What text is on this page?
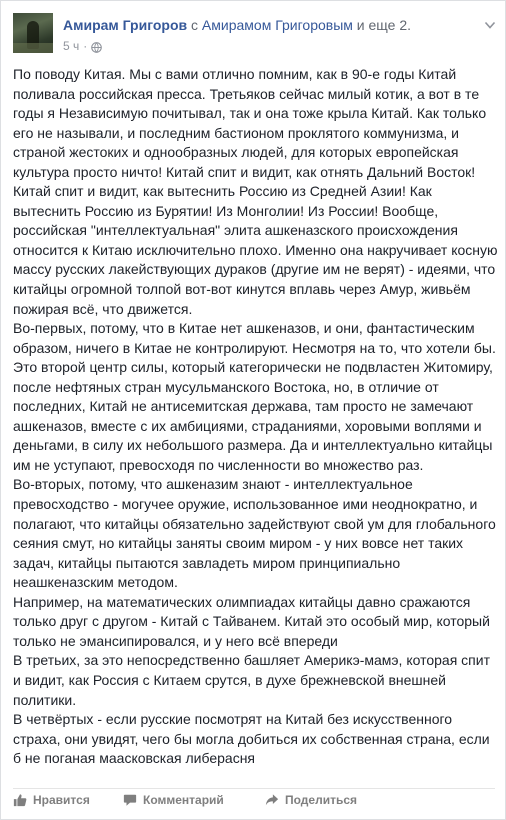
Амирам Григоров с Амирамом Григоровым и еще 2.
5 ч ·

По поводу Китая. Мы с вами отлично помним, как в 90-е годы Китай поливала российская пресса. Третьяков сейчас милый котик, а вот в те годы я Независимую почитывал, так и она тоже крыла Китай. Как только его не называли, и последним бастионом проклятого коммунизма, и страной жестоких и однообразных людей, для которых европейская культура просто ничто! Китай спит и видит, как отнять Дальний Восток! Китай спит и видит, как вытеснить Россию из Средней Азии! Как вытеснить Россию из Бурятии! Из Монголии! Из России! Вообще, российская "интеллектуальная" элита ашкеназского происхождения относится к Китаю исключительно плохо. Именно она накручивает косную массу русских лакействующих дураков (другие им не верят) - идеями, что китайцы огромной толпой вот-вот кинутся вплавь через Амур, живьём пожирая всё, что движется.

Во-первых, потому, что в Китае нет ашкеназов, и они, фантастическим образом, ничего в Китае не контролируют. Несмотря на то, что хотели бы. Это второй центр силы, который категорически не подвластен Житомиру, после нефтяных стран мусульманского Востока, но, в отличие от последних, Китай не антисемитская держава, там просто не замечают ашкеназов, вместе с их амбициями, страданиями, хоровыми воплями и деньгами, в силу их небольшого размера. Да и интеллектуально китайцы им не уступают, превосходя по численности во множество раз.

Во-вторых, потому, что ашкеназим знают - интеллектуальное превосходство - могучее оружие, использованное ими неоднократно, и полагают, что китайцы обязательно задействуют свой ум для глобального сеяния смут, но китайцы заняты своим миром - у них вовсе нет таких задач, китайцы пытаются завладеть миром принципиально неашкеназским методом.

Например, на математических олимпиадах китайцы давно сражаются только друг с другом - Китай с Тайванем. Китай это особый мир, который только не эмансипировался, и у него всё впереди

В третьих, за это непосредственно башляет Америкэ-мамэ, которая спит и видит, как Россия с Китаем срутся, в духе брежневской внешней политики.

В четвёртых - если русские посмотрят на Китай без искусственного страха, они увидят, чего бы могла добиться их собственная страна, если б не поганая маасковская либерасня

Нравится	Комментарий	Поделиться
